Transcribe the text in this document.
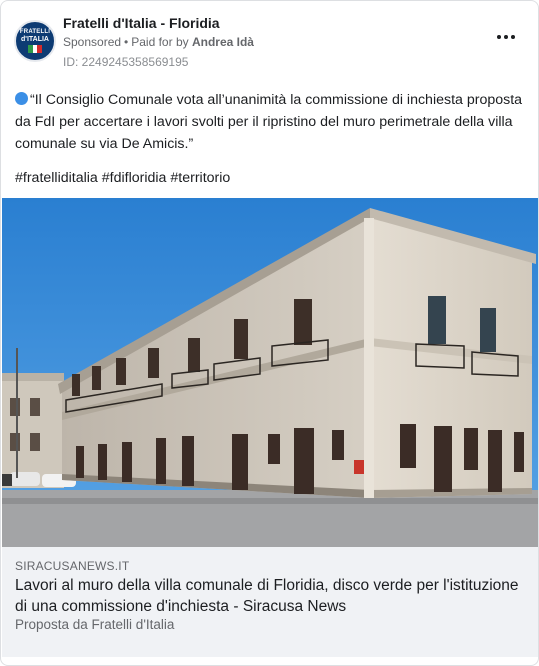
FRATELLI
d'ITALIA
Fratelli d'Italia - Floridia
Sponsored • Paid for by Andrea Idà
ID: 2249245358569195
“Il Consiglio Comunale vota all’unanimità la commissione di inchiesta proposta da FdI per accertare i lavori svolti per il ripristino del muro perimetrale della villa comunale su via De Amicis.”
#fratelliditalia #fdifloridia #territorio
SIRACUSANEWS.IT
Lavori al muro della villa comunale di Floridia, disco verde per l'istituzione di una commissione d'inchiesta - Siracusa News
Proposta da Fratelli d'Italia
